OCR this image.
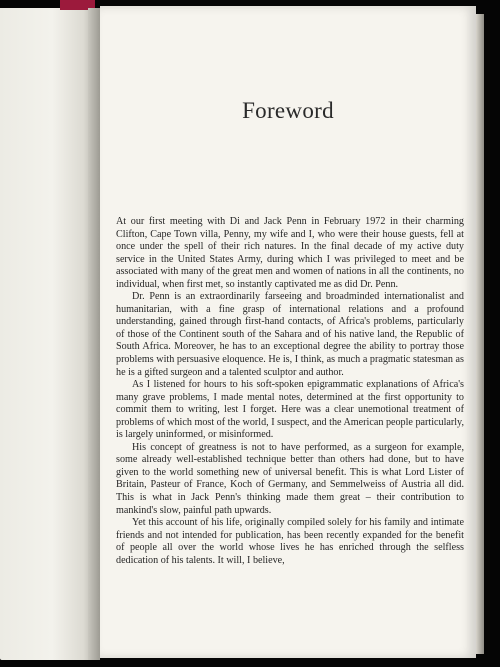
Foreword

At our first meeting with Di and Jack Penn in February 1972 in their charming Clifton, Cape Town villa, Penny, my wife and I, who were their house guests, fell at once under the spell of their rich natures. In the final decade of my active duty service in the United States Army, during which I was privileged to meet and be associated with many of the great men and women of nations in all the continents, no individual, when first met, so instantly captivated me as did Dr. Penn.

Dr. Penn is an extraordinarily farseeing and broadminded internationalist and humanitarian, with a fine grasp of international relations and a profound understanding, gained through first-hand contacts, of Africa's problems, particularly of those of the Continent south of the Sahara and of his native land, the Republic of South Africa. Moreover, he has to an exceptional degree the ability to portray those problems with persuasive eloquence. He is, I think, as much a pragmatic statesman as he is a gifted surgeon and a talented sculptor and author.

As I listened for hours to his soft-spoken epigrammatic explanations of Africa's many grave problems, I made mental notes, determined at the first opportunity to commit them to writing, lest I forget. Here was a clear unemotional treatment of problems of which most of the world, I suspect, and the American people particularly, is largely uninformed, or misinformed.

His concept of greatness is not to have performed, as a surgeon for example, some already well-established technique better than others had done, but to have given to the world something new of universal benefit. This is what Lord Lister of Britain, Pasteur of France, Koch of Germany, and Semmelweiss of Austria all did. This is what in Jack Penn's thinking made them great – their contribution to mankind's slow, painful path upwards.

Yet this account of his life, originally compiled solely for his family and intimate friends and not intended for publication, has been recently expanded for the benefit of people all over the world whose lives he has enriched through the selfless dedication of his talents. It will, I believe,
